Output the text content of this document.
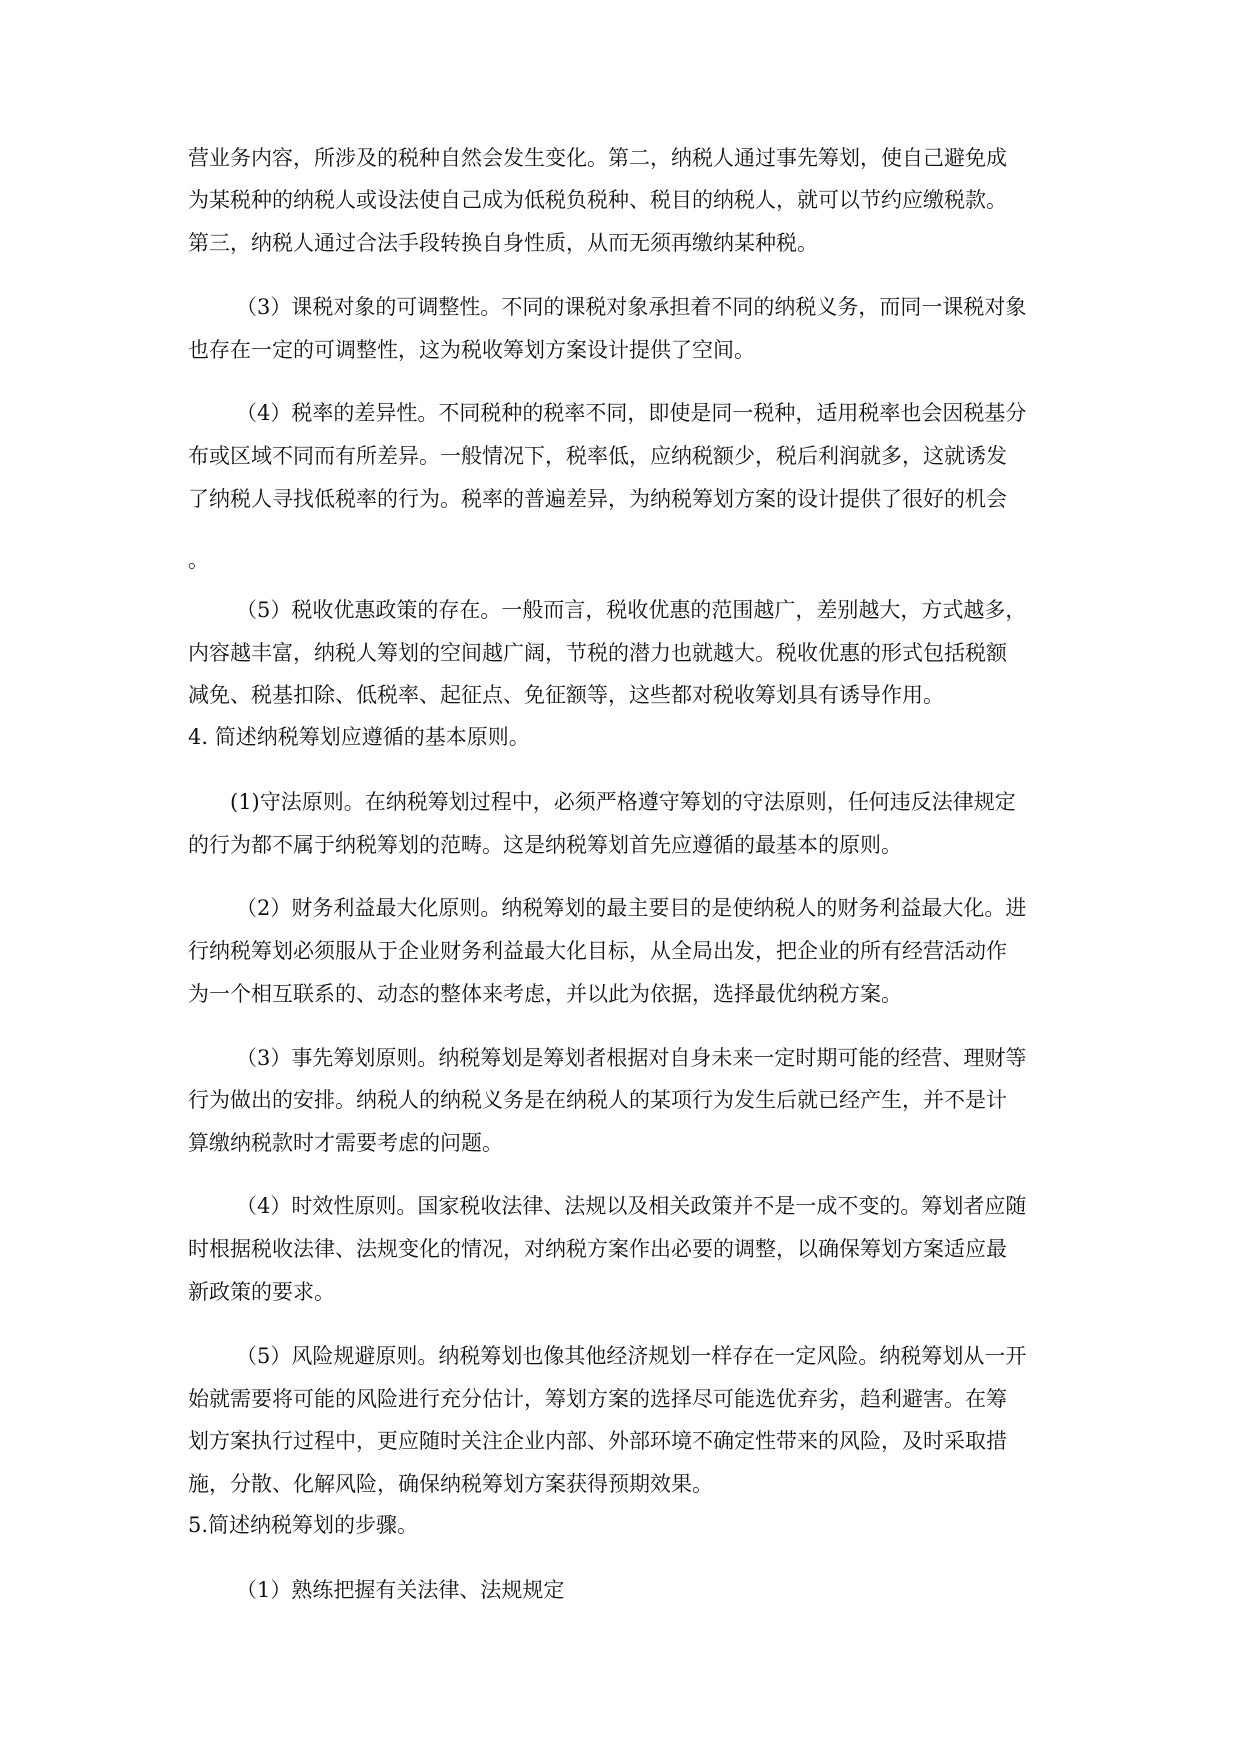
营业务内容，所涉及的税种自然会发生变化。第二，纳税人通过事先筹划，使自己避免成
为某税种的纳税人或设法使自己成为低税负税种、税目的纳税人，就可以节约应缴税款。
第三，纳税人通过合法手段转换自身性质，从而无须再缴纳某种税。
（3）课税对象的可调整性。不同的课税对象承担着不同的纳税义务，而同一课税对象
也存在一定的可调整性，这为税收筹划方案设计提供了空间。
（4）税率的差异性。不同税种的税率不同，即使是同一税种，适用税率也会因税基分
布或区域不同而有所差异。一般情况下，税率低，应纳税额少，税后利润就多，这就诱发
了纳税人寻找低税率的行为。税率的普遍差异，为纳税筹划方案的设计提供了很好的机会
。
（5）税收优惠政策的存在。一般而言，税收优惠的范围越广，差别越大，方式越多，
内容越丰富，纳税人筹划的空间越广阔，节税的潜力也就越大。税收优惠的形式包括税额
减免、税基扣除、低税率、起征点、免征额等，这些都对税收筹划具有诱导作用。
4. 简述纳税筹划应遵循的基本原则。
(1)守法原则。在纳税筹划过程中，必须严格遵守筹划的守法原则，任何违反法律规定
的行为都不属于纳税筹划的范畴。这是纳税筹划首先应遵循的最基本的原则。
（2）财务利益最大化原则。纳税筹划的最主要目的是使纳税人的财务利益最大化。进
行纳税筹划必须服从于企业财务利益最大化目标，从全局出发，把企业的所有经营活动作
为一个相互联系的、动态的整体来考虑，并以此为依据，选择最优纳税方案。
（3）事先筹划原则。纳税筹划是筹划者根据对自身未来一定时期可能的经营、理财等
行为做出的安排。纳税人的纳税义务是在纳税人的某项行为发生后就已经产生，并不是计
算缴纳税款时才需要考虑的问题。
（4）时效性原则。国家税收法律、法规以及相关政策并不是一成不变的。筹划者应随
时根据税收法律、法规变化的情况，对纳税方案作出必要的调整，以确保筹划方案适应最
新政策的要求。
（5）风险规避原则。纳税筹划也像其他经济规划一样存在一定风险。纳税筹划从一开
始就需要将可能的风险进行充分估计，筹划方案的选择尽可能选优弃劣，趋利避害。在筹
划方案执行过程中，更应随时关注企业内部、外部环境不确定性带来的风险，及时采取措
施，分散、化解风险，确保纳税筹划方案获得预期效果。
5.简述纳税筹划的步骤。
（1）熟练把握有关法律、法规规定
